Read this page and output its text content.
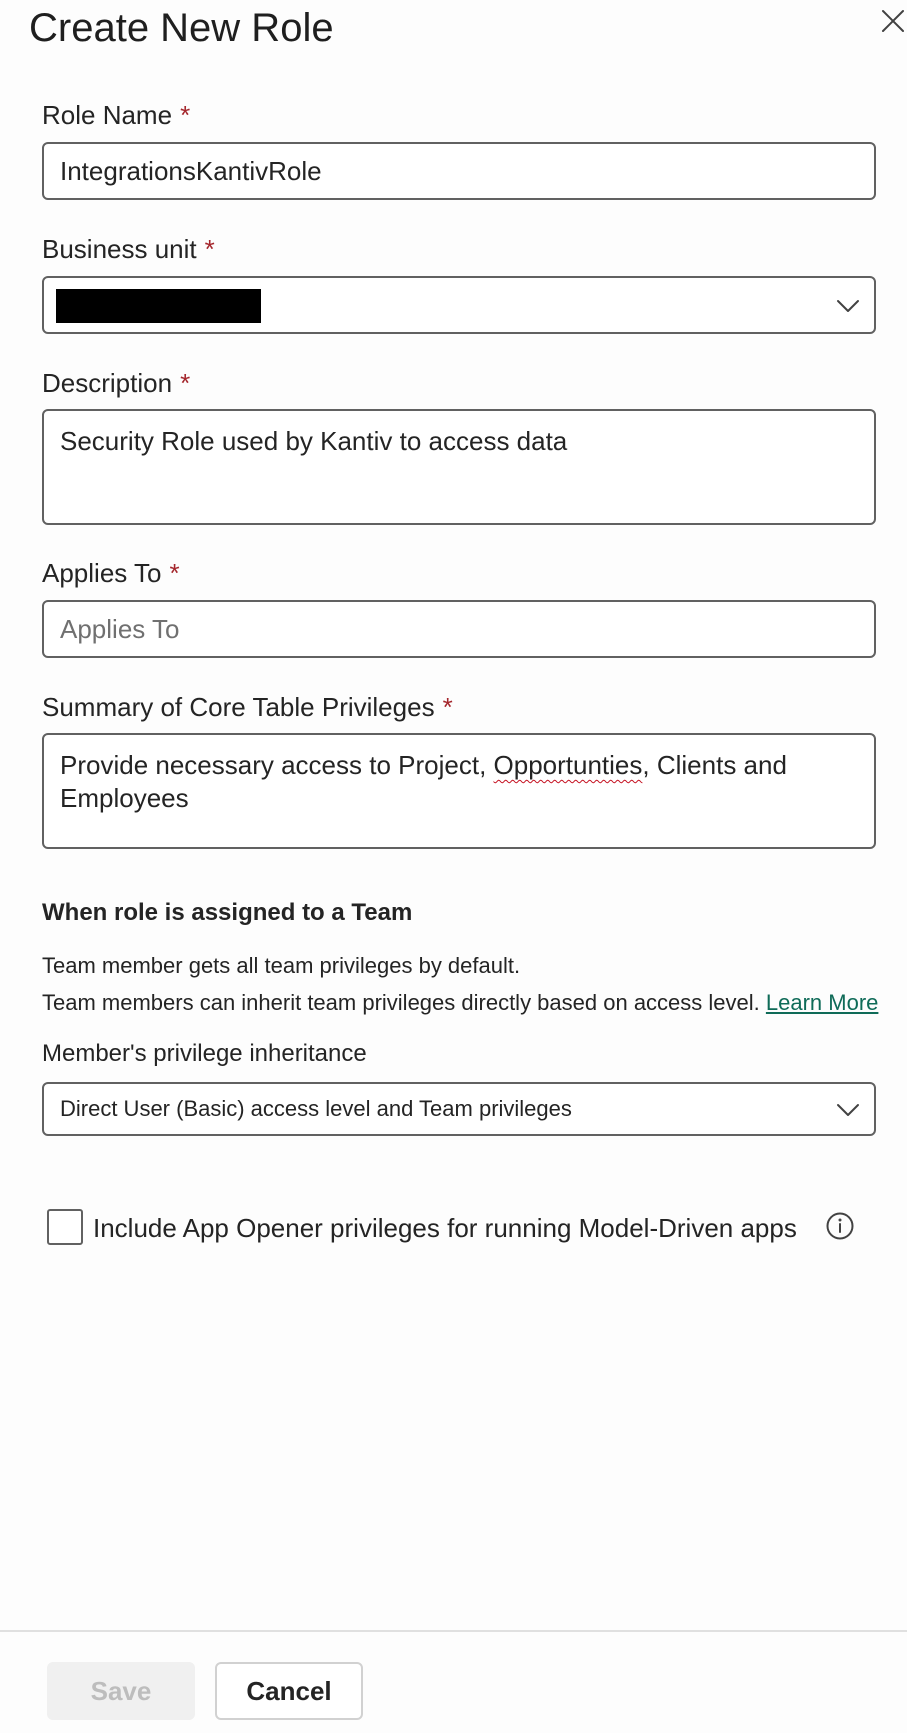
Create New Role
Role Name *
IntegrationsKantivRole
Business unit *
Description *
Security Role used by Kantiv to access data
Applies To *
Applies To
Summary of Core Table Privileges *
Provide necessary access to Project, Opportunties, Clients and Employees
When role is assigned to a Team
Team member gets all team privileges by default.
Team members can inherit team privileges directly based on access level. Learn More
Member's privilege inheritance
Direct User (Basic) access level and Team privileges
Include App Opener privileges for running Model-Driven apps
Save	Cancel
